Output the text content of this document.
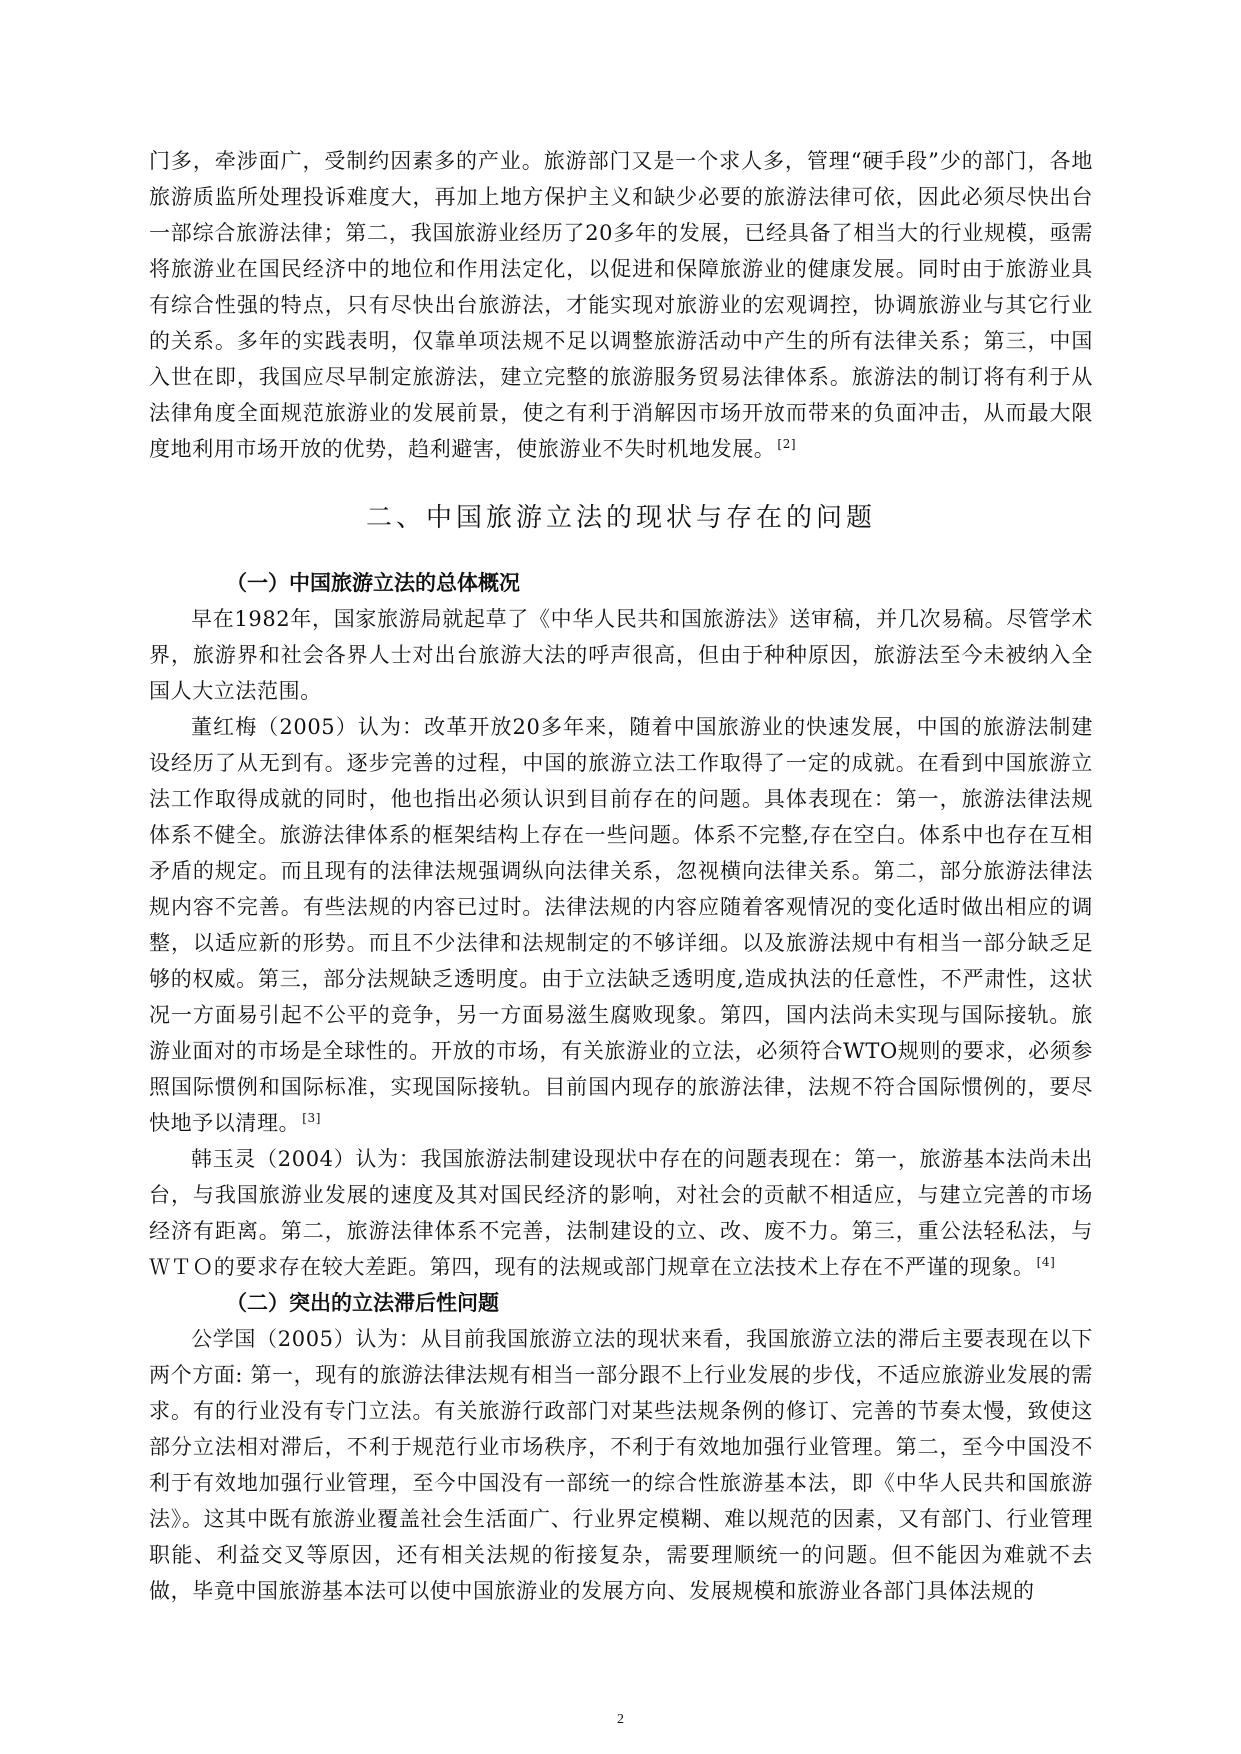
门多，牵涉面广，受制约因素多的产业。旅游部门又是一个求人多，管理“硬手段”少的部门，各地旅游质监所处理投诉难度大，再加上地方保护主义和缺少必要的旅游法律可依，因此必须尽快出台一部综合旅游法律；第二，我国旅游业经历了20多年的发展，已经具备了相当大的行业规模，亟需将旅游业在国民经济中的地位和作用法定化，以促进和保障旅游业的健康发展。同时由于旅游业具有综合性强的特点，只有尽快出台旅游法，才能实现对旅游业的宏观调控，协调旅游业与其它行业的关系。多年的实践表明，仅靠单项法规不足以调整旅游活动中产生的所有法律关系；第三，中国入世在即，我国应尽早制定旅游法，建立完整的旅游服务贸易法律体系。旅游法的制订将有利于从法律角度全面规范旅游业的发展前景，使之有利于消解因市场开放而带来的负面冲击，从而最大限度地利用市场开放的优势，趋利避害，使旅游业不失时机地发展。 [2]

二、中国旅游立法的现状与存在的问题
（一）中国旅游立法的总体概况

早在1982年，国家旅游局就起草了《中华人民共和国旅游法》送审稿，并几次易稿。尽管学术界，旅游界和社会各界人士对出台旅游大法的呼声很高，但由于种种原因，旅游法至今未被纳入全国人大立法范围。

董红梅（2005）认为：改革开放20多年来，随着中国旅游业的快速发展，中国的旅游法制建设经历了从无到有。逐步完善的过程，中国的旅游立法工作取得了一定的成就。在看到中国旅游立法工作取得成就的同时，他也指出必须认识到目前存在的问题。具体表现在：第一，旅游法律法规体系不健全。旅游法律体系的框架结构上存在一些问题。体系不完整,存在空白。体系中也存在互相矛盾的规定。而且现有的法律法规强调纵向法律关系，忽视横向法律关系。第二，部分旅游法律法规内容不完善。有些法规的内容已过时。法律法规的内容应随着客观情况的变化适时做出相应的调整，以适应新的形势。而且不少法律和法规制定的不够详细。以及旅游法规中有相当一部分缺乏足够的权威。第三，部分法规缺乏透明度。由于立法缺乏透明度,造成执法的任意性，不严肃性，这状况一方面易引起不公平的竞争，另一方面易滋生腐败现象。第四，国内法尚未实现与国际接轨。旅游业面对的市场是全球性的。开放的市场，有关旅游业的立法，必须符合WTO规则的要求，必须参照国际惯例和国际标准，实现国际接轨。目前国内现存的旅游法律，法规不符合国际惯例的，要尽快地予以清理。 [3]

韩玉灵（2004）认为：我国旅游法制建设现状中存在的问题表现在：第一，旅游基本法尚未出台，与我国旅游业发展的速度及其对国民经济的影响，对社会的贡献不相适应，与建立完善的市场经济有距离。第二，旅游法律体系不完善，法制建设的立、改、废不力。第三，重公法轻私法，与ＷＴＯ的要求存在较大差距。第四，现有的法规或部门规章在立法技术上存在不严谨的现象。 [4]

（二）突出的立法滞后性问题

公学国（2005）认为：从目前我国旅游立法的现状来看，我国旅游立法的滞后主要表现在以下两个方面: 第一，现有的旅游法律法规有相当一部分跟不上行业发展的步伐，不适应旅游业发展的需求。有的行业没有专门立法。有关旅游行政部门对某些法规条例的修订、完善的节奏太慢，致使这部分立法相对滞后，不利于规范行业市场秩序，不利于有效地加强行业管理。第二，至今中国没不利于有效地加强行业管理，至今中国没有一部统一的综合性旅游基本法，即《中华人民共和国旅游法》。这其中既有旅游业覆盖社会生活面广、行业界定模糊、难以规范的因素，又有部门、行业管理职能、利益交叉等原因，还有相关法规的衔接复杂，需要理顺统一的问题。但不能因为难就不去做，毕竟中国旅游基本法可以使中国旅游业的发展方向、发展规模和旅游业各部门具体法规的

2
